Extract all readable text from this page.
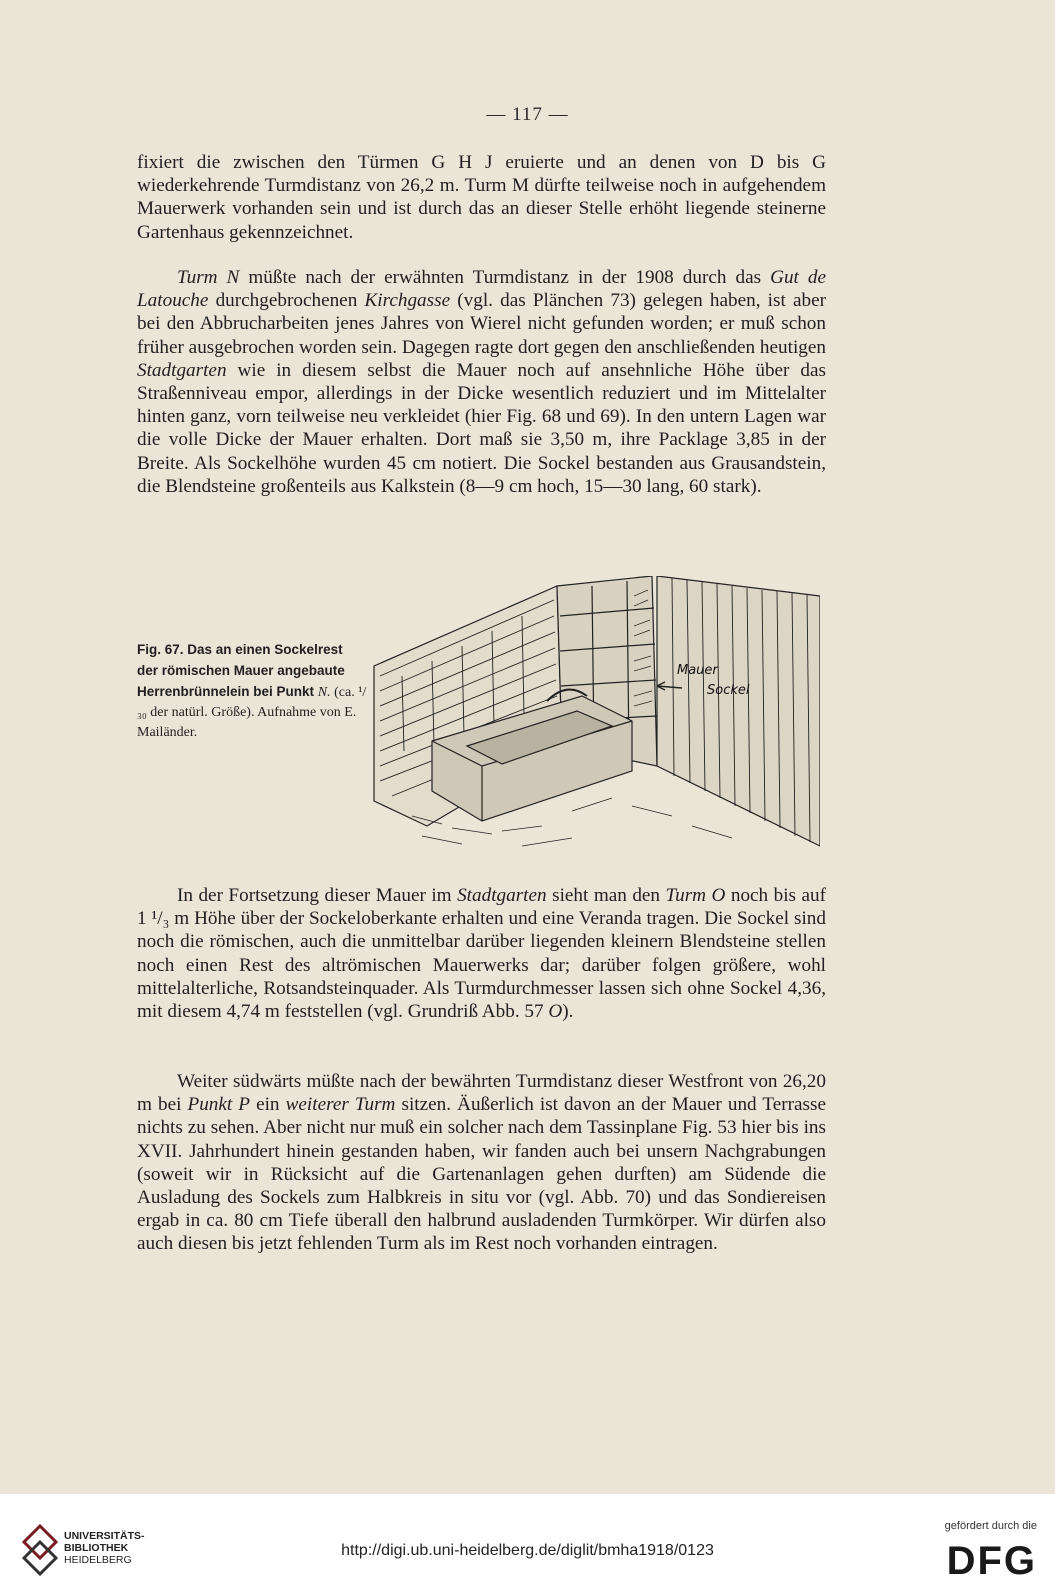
— 117 —

fixiert die zwischen den Türmen G H J eruierte und an denen von D bis G wiederkehrende Turmdistanz von 26,2 m. Turm M dürfte teilweise noch in aufgehendem Mauerwerk vorhanden sein und ist durch das an dieser Stelle erhöht liegende steinerne Gartenhaus gekennzeichnet.

Turm N müßte nach der erwähnten Turmdistanz in der 1908 durch das Gut de Latouche durchgebrochenen Kirchgasse (vgl. das Plänchen 73) gelegen haben, ist aber bei den Abbrucharbeiten jenes Jahres von Wierel nicht gefunden worden; er muß schon früher ausgebrochen worden sein. Dagegen ragte dort gegen den anschließenden heutigen Stadtgarten wie in diesem selbst die Mauer noch auf ansehnliche Höhe über das Straßenniveau empor, allerdings in der Dicke wesentlich reduziert und im Mittelalter hinten ganz, vorn teilweise neu verkleidet (hier Fig. 68 und 69). In den untern Lagen war die volle Dicke der Mauer erhalten. Dort maß sie 3,50 m, ihre Packlage 3,85 in der Breite. Als Sockelhöhe wurden 45 cm notiert. Die Sockel bestanden aus Grausandstein, die Blendsteine großenteils aus Kalkstein (8—9 cm hoch, 15—30 lang, 60 stark).

Fig. 67. Das an einen Sockelrest der römischen Mauer angebaute Herrenbrünnelein bei Punkt N. (ca. ¹/₃₀ der natürl. Größe). Aufnahme von E. Mailänder.
Mauer
Sockel

In der Fortsetzung dieser Mauer im Stadtgarten sieht man den Turm O noch bis auf 1 ¹/₃ m Höhe über der Sockeloberkante erhalten und eine Veranda tragen. Die Sockel sind noch die römischen, auch die unmittelbar darüber liegenden kleinern Blendsteine stellen noch einen Rest des altrömischen Mauerwerks dar; darüber folgen größere, wohl mittelalterliche, Rotsandsteinquader. Als Turmdurchmesser lassen sich ohne Sockel 4,36, mit diesem 4,74 m feststellen (vgl. Grundriß Abb. 57 O).

Weiter südwärts müßte nach der bewährten Turmdistanz dieser Westfront von 26,20 m bei Punkt P ein weiterer Turm sitzen. Äußerlich ist davon an der Mauer und Terrasse nichts zu sehen. Aber nicht nur muß ein solcher nach dem Tassinplane Fig. 53 hier bis ins XVII. Jahrhundert hinein gestanden haben, wir fanden auch bei unsern Nachgrabungen (soweit wir in Rücksicht auf die Gartenanlagen gehen durften) am Südende die Ausladung des Sockels zum Halbkreis in situ vor (vgl. Abb. 70) und das Sondiereisen ergab in ca. 80 cm Tiefe überall den halbrund ausladenden Turmkörper. Wir dürfen also auch diesen bis jetzt fehlenden Turm als im Rest noch vorhanden eintragen.

UNIVERSITÄTS-
BIBLIOTHEK
HEIDELBERG
http://digi.ub.uni-heidelberg.de/diglit/bmha1918/0123
gefördert durch die
DFG
